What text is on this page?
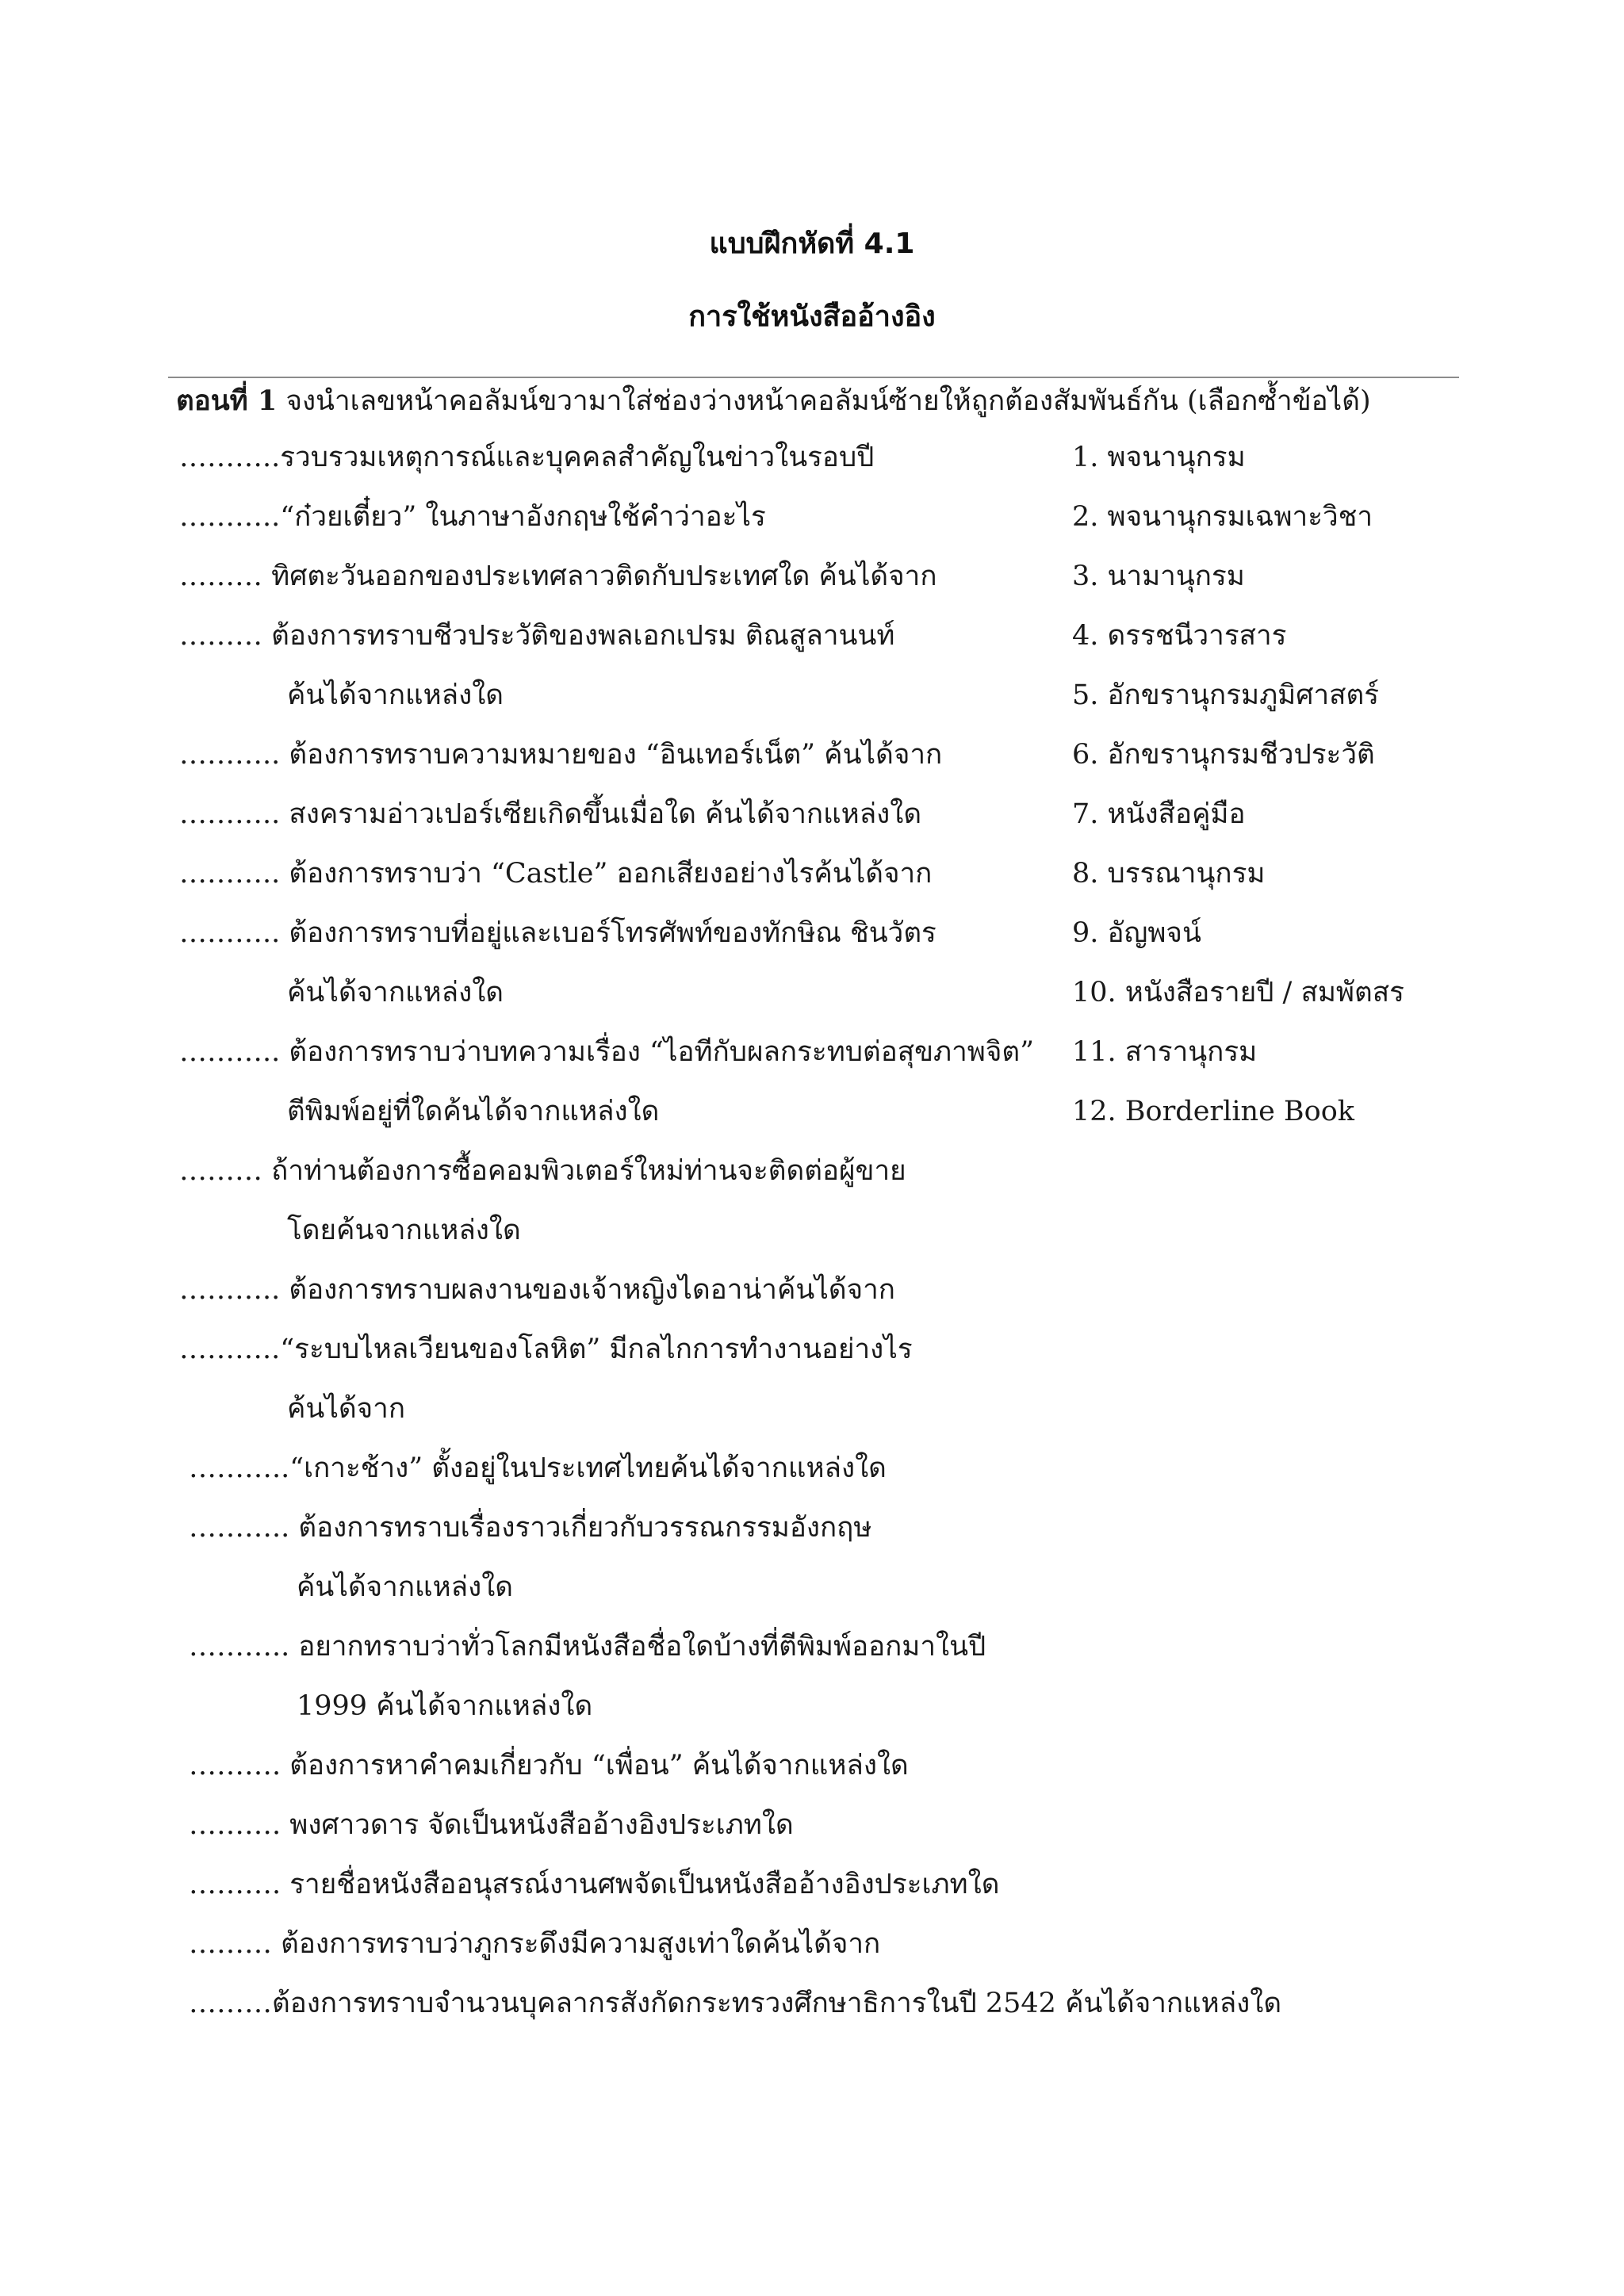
แบบฝึกหัดที่ 4.1
การใช้หนังสืออ้างอิง
ตอนที่ 1 จงนำเลขหน้าคอลัมน์ขวามาใส่ช่องว่างหน้าคอลัมน์ซ้ายให้ถูกต้องสัมพันธ์กัน (เลือกซ้ำข้อได้)
………..รวบรวมเหตุการณ์และบุคคลสำคัญในข่าวในรอบปี
………..“ก๋วยเตี๋ยว” ในภาษาอังกฤษใช้คำว่าอะไร
……… ทิศตะวันออกของประเทศลาวติดกับประเทศใด ค้นได้จาก
……… ต้องการทราบชีวประวัติของพลเอกเปรม ติณสูลานนท์
ค้นได้จากแหล่งใด
……….. ต้องการทราบความหมายของ “อินเทอร์เน็ต” ค้นได้จาก
……….. สงครามอ่าวเปอร์เซียเกิดขึ้นเมื่อใด ค้นได้จากแหล่งใด
……….. ต้องการทราบว่า “Castle” ออกเสียงอย่างไรค้นได้จาก
……….. ต้องการทราบที่อยู่และเบอร์โทรศัพท์ของทักษิณ ชินวัตร
ค้นได้จากแหล่งใด
……….. ต้องการทราบว่าบทความเรื่อง “ไอทีกับผลกระทบต่อสุขภาพจิต”
ตีพิมพ์อยู่ที่ใดค้นได้จากแหล่งใด
……… ถ้าท่านต้องการซื้อคอมพิวเตอร์ใหม่ท่านจะติดต่อผู้ขาย
โดยค้นจากแหล่งใด
……….. ต้องการทราบผลงานของเจ้าหญิงไดอาน่าค้นได้จาก
………..“ระบบไหลเวียนของโลหิต” มีกลไกการทำงานอย่างไร
ค้นได้จาก
………..“เกาะช้าง” ตั้งอยู่ในประเทศไทยค้นได้จากแหล่งใด
……….. ต้องการทราบเรื่องราวเกี่ยวกับวรรณกรรมอังกฤษ
ค้นได้จากแหล่งใด
……….. อยากทราบว่าทั่วโลกมีหนังสือชื่อใดบ้างที่ตีพิมพ์ออกมาในปี
1999 ค้นได้จากแหล่งใด
………. ต้องการหาคำคมเกี่ยวกับ “เพื่อน” ค้นได้จากแหล่งใด
………. พงศาวดาร จัดเป็นหนังสืออ้างอิงประเภทใด
………. รายชื่อหนังสืออนุสรณ์งานศพจัดเป็นหนังสืออ้างอิงประเภทใด
……… ต้องการทราบว่าภูกระดึงมีความสูงเท่าใดค้นได้จาก
………ต้องการทราบจำนวนบุคลากรสังกัดกระทรวงศึกษาธิการในปี 2542 ค้นได้จากแหล่งใด
1. พจนานุกรม
2. พจนานุกรมเฉพาะวิชา
3. นามานุกรม
4. ดรรชนีวารสาร
5. อักขรานุกรมภูมิศาสตร์
6. อักขรานุกรมชีวประวัติ
7. หนังสือคู่มือ
8. บรรณานุกรม
9. อัญพจน์
10. หนังสือรายปี / สมพัตสร
11. สารานุกรม
12. Borderline Book
